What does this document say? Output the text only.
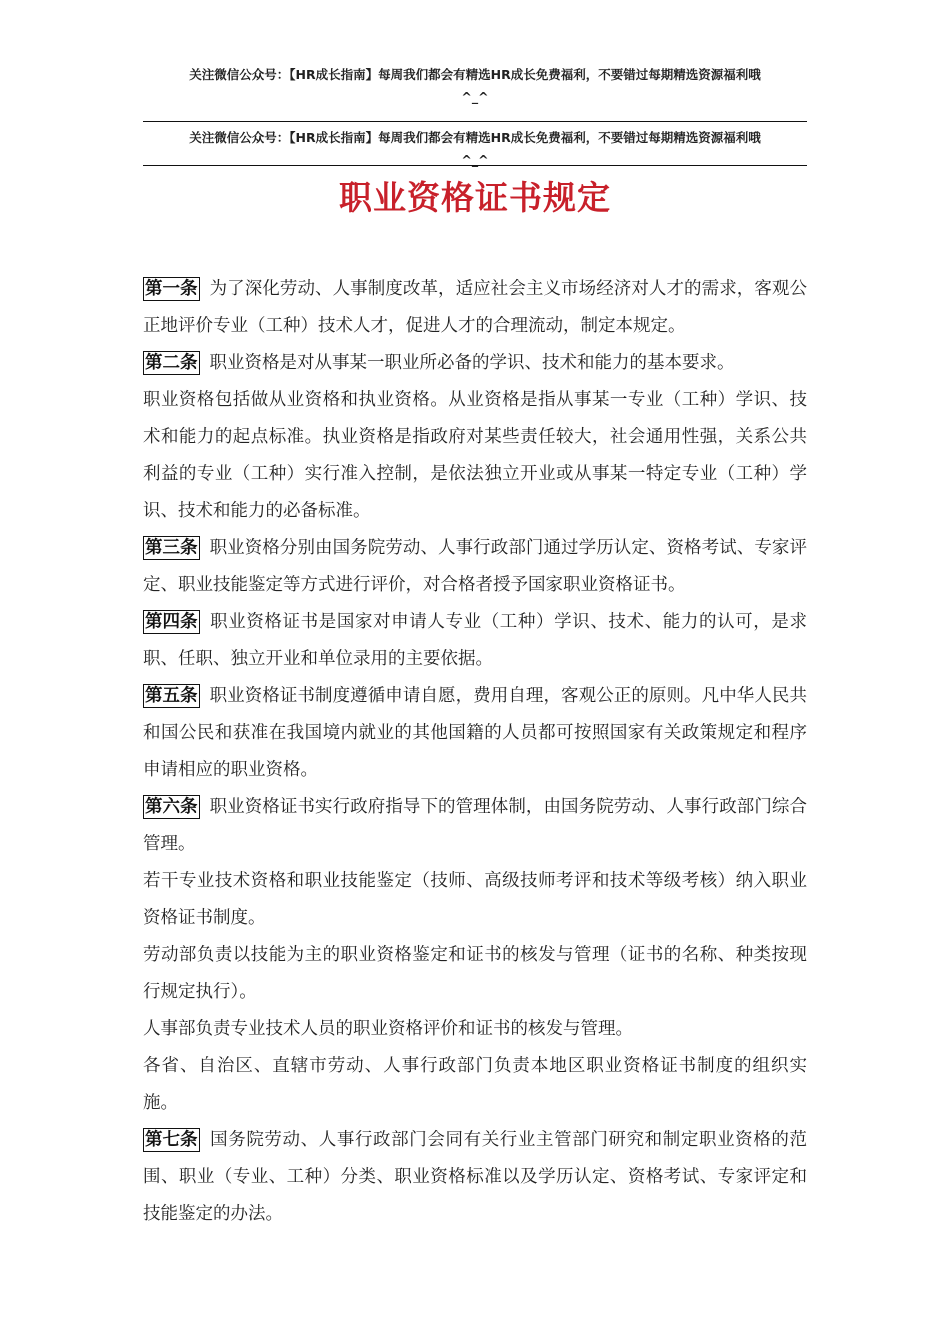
关注微信公众号：【HR成长指南】每周我们都会有精选HR成长免费福利，不要错过每期精选资源福利哦
^_^
关注微信公众号：【HR成长指南】每周我们都会有精选HR成长免费福利，不要错过每期精选资源福利哦
^_^
职业资格证书规定

第一条 为了深化劳动、人事制度改革，适应社会主义市场经济对人才的需求，客观公正地评价专业（工种）技术人才，促进人才的合理流动，制定本规定。

第二条 职业资格是对从事某一职业所必备的学识、技术和能力的基本要求。

职业资格包括做从业资格和执业资格。从业资格是指从事某一专业（工种）学识、技术和能力的起点标准。执业资格是指政府对某些责任较大，社会通用性强，关系公共利益的专业（工种）实行准入控制，是依法独立开业或从事某一特定专业（工种）学识、技术和能力的必备标准。

第三条 职业资格分别由国务院劳动、人事行政部门通过学历认定、资格考试、专家评定、职业技能鉴定等方式进行评价，对合格者授予国家职业资格证书。

第四条 职业资格证书是国家对申请人专业（工种）学识、技术、能力的认可，是求职、任职、独立开业和单位录用的主要依据。

第五条 职业资格证书制度遵循申请自愿，费用自理，客观公正的原则。凡中华人民共和国公民和获准在我国境内就业的其他国籍的人员都可按照国家有关政策规定和程序申请相应的职业资格。

第六条 职业资格证书实行政府指导下的管理体制，由国务院劳动、人事行政部门综合管理。

若干专业技术资格和职业技能鉴定（技师、高级技师考评和技术等级考核）纳入职业资格证书制度。

劳动部负责以技能为主的职业资格鉴定和证书的核发与管理（证书的名称、种类按现行规定执行）。

人事部负责专业技术人员的职业资格评价和证书的核发与管理。

各省、自治区、直辖市劳动、人事行政部门负责本地区职业资格证书制度的组织实施。

第七条 国务院劳动、人事行政部门会同有关行业主管部门研究和制定职业资格的范围、职业（专业、工种）分类、职业资格标准以及学历认定、资格考试、专家评定和技能鉴定的办法。
